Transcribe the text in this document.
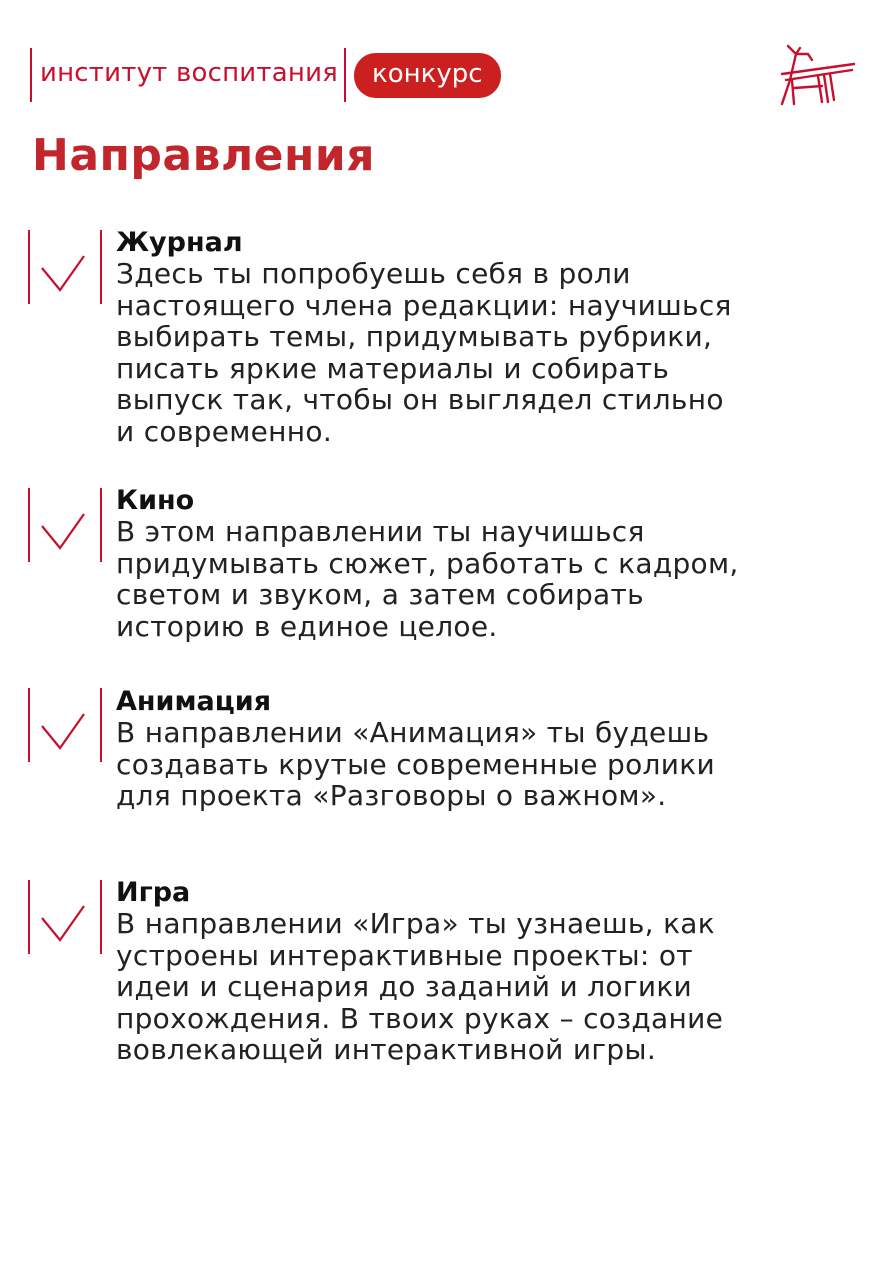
институт воспитания	конкурс
Направления
Журнал
Здесь ты попробуешь себя в роли
настоящего члена редакции: научишься
выбирать темы, придумывать рубрики,
писать яркие материалы и собирать
выпуск так, чтобы он выглядел стильно
и современно.
Кино
В этом направлении ты научишься
придумывать сюжет, работать с кадром,
светом и звуком, а затем собирать
историю в единое целое.
Анимация
В направлении «Анимация» ты будешь
создавать крутые современные ролики
для проекта «Разговоры о важном».
Игра
В направлении «Игра» ты узнаешь, как
устроены интерактивные проекты: от
идеи и сценария до заданий и логики
прохождения. В твоих руках – создание
вовлекающей интерактивной игры.
